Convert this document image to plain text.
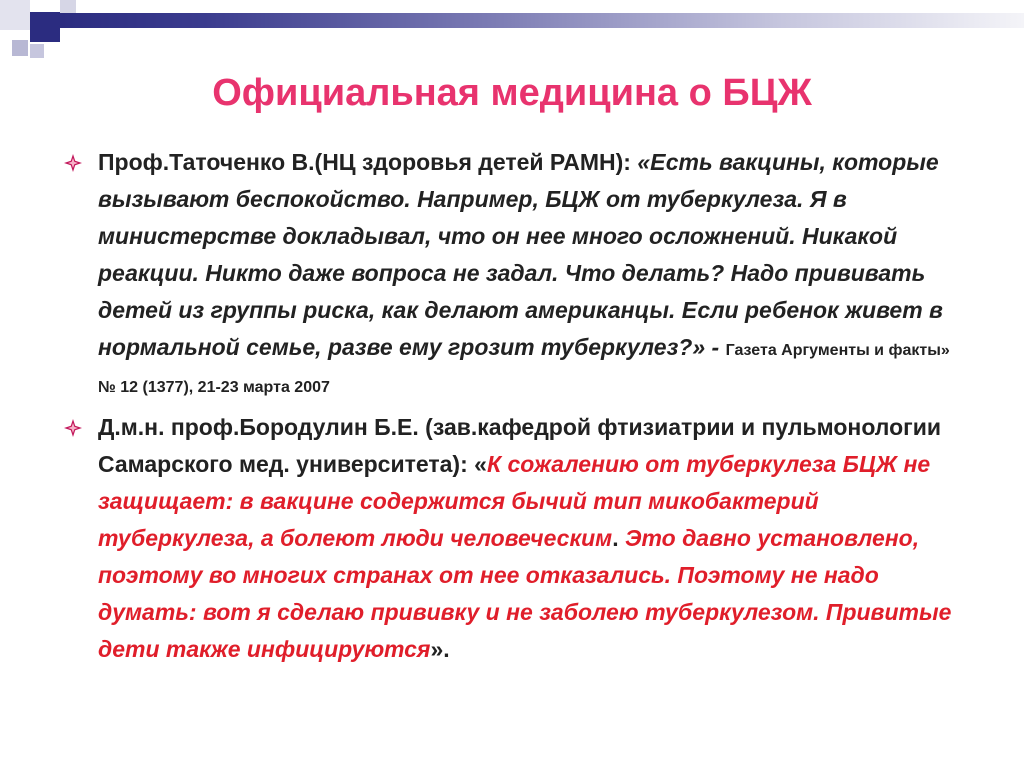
Официальная медицина о БЦЖ
Проф.Таточенко В.(НЦ здоровья детей РАМН): «Есть вакцины, которые вызывают беспокойство. Например, БЦЖ от туберкулеза. Я в министерстве докладывал, что он нее много осложнений. Никакой реакции. Никто даже вопроса не задал. Что делать? Надо прививать детей из группы риска, как делают американцы. Если ребенок живет в нормальной семье, разве ему грозит туберкулез?» - Газета Аргументы и факты» № 12 (1377), 21-23 марта 2007
Д.м.н. проф.Бородулин Б.Е. (зав.кафедрой фтизиатрии и пульмонологии Самарского мед. университета): «К сожалению от туберкулеза БЦЖ не защищает: в вакцине содержится бычий тип микобактерий туберкулеза, а болеют люди человеческим. Это давно установлено, поэтому во многих странах от нее отказались. Поэтому не надо думать: вот я сделаю прививку и не заболею туберкулезом. Привитые дети также инфицируются».
